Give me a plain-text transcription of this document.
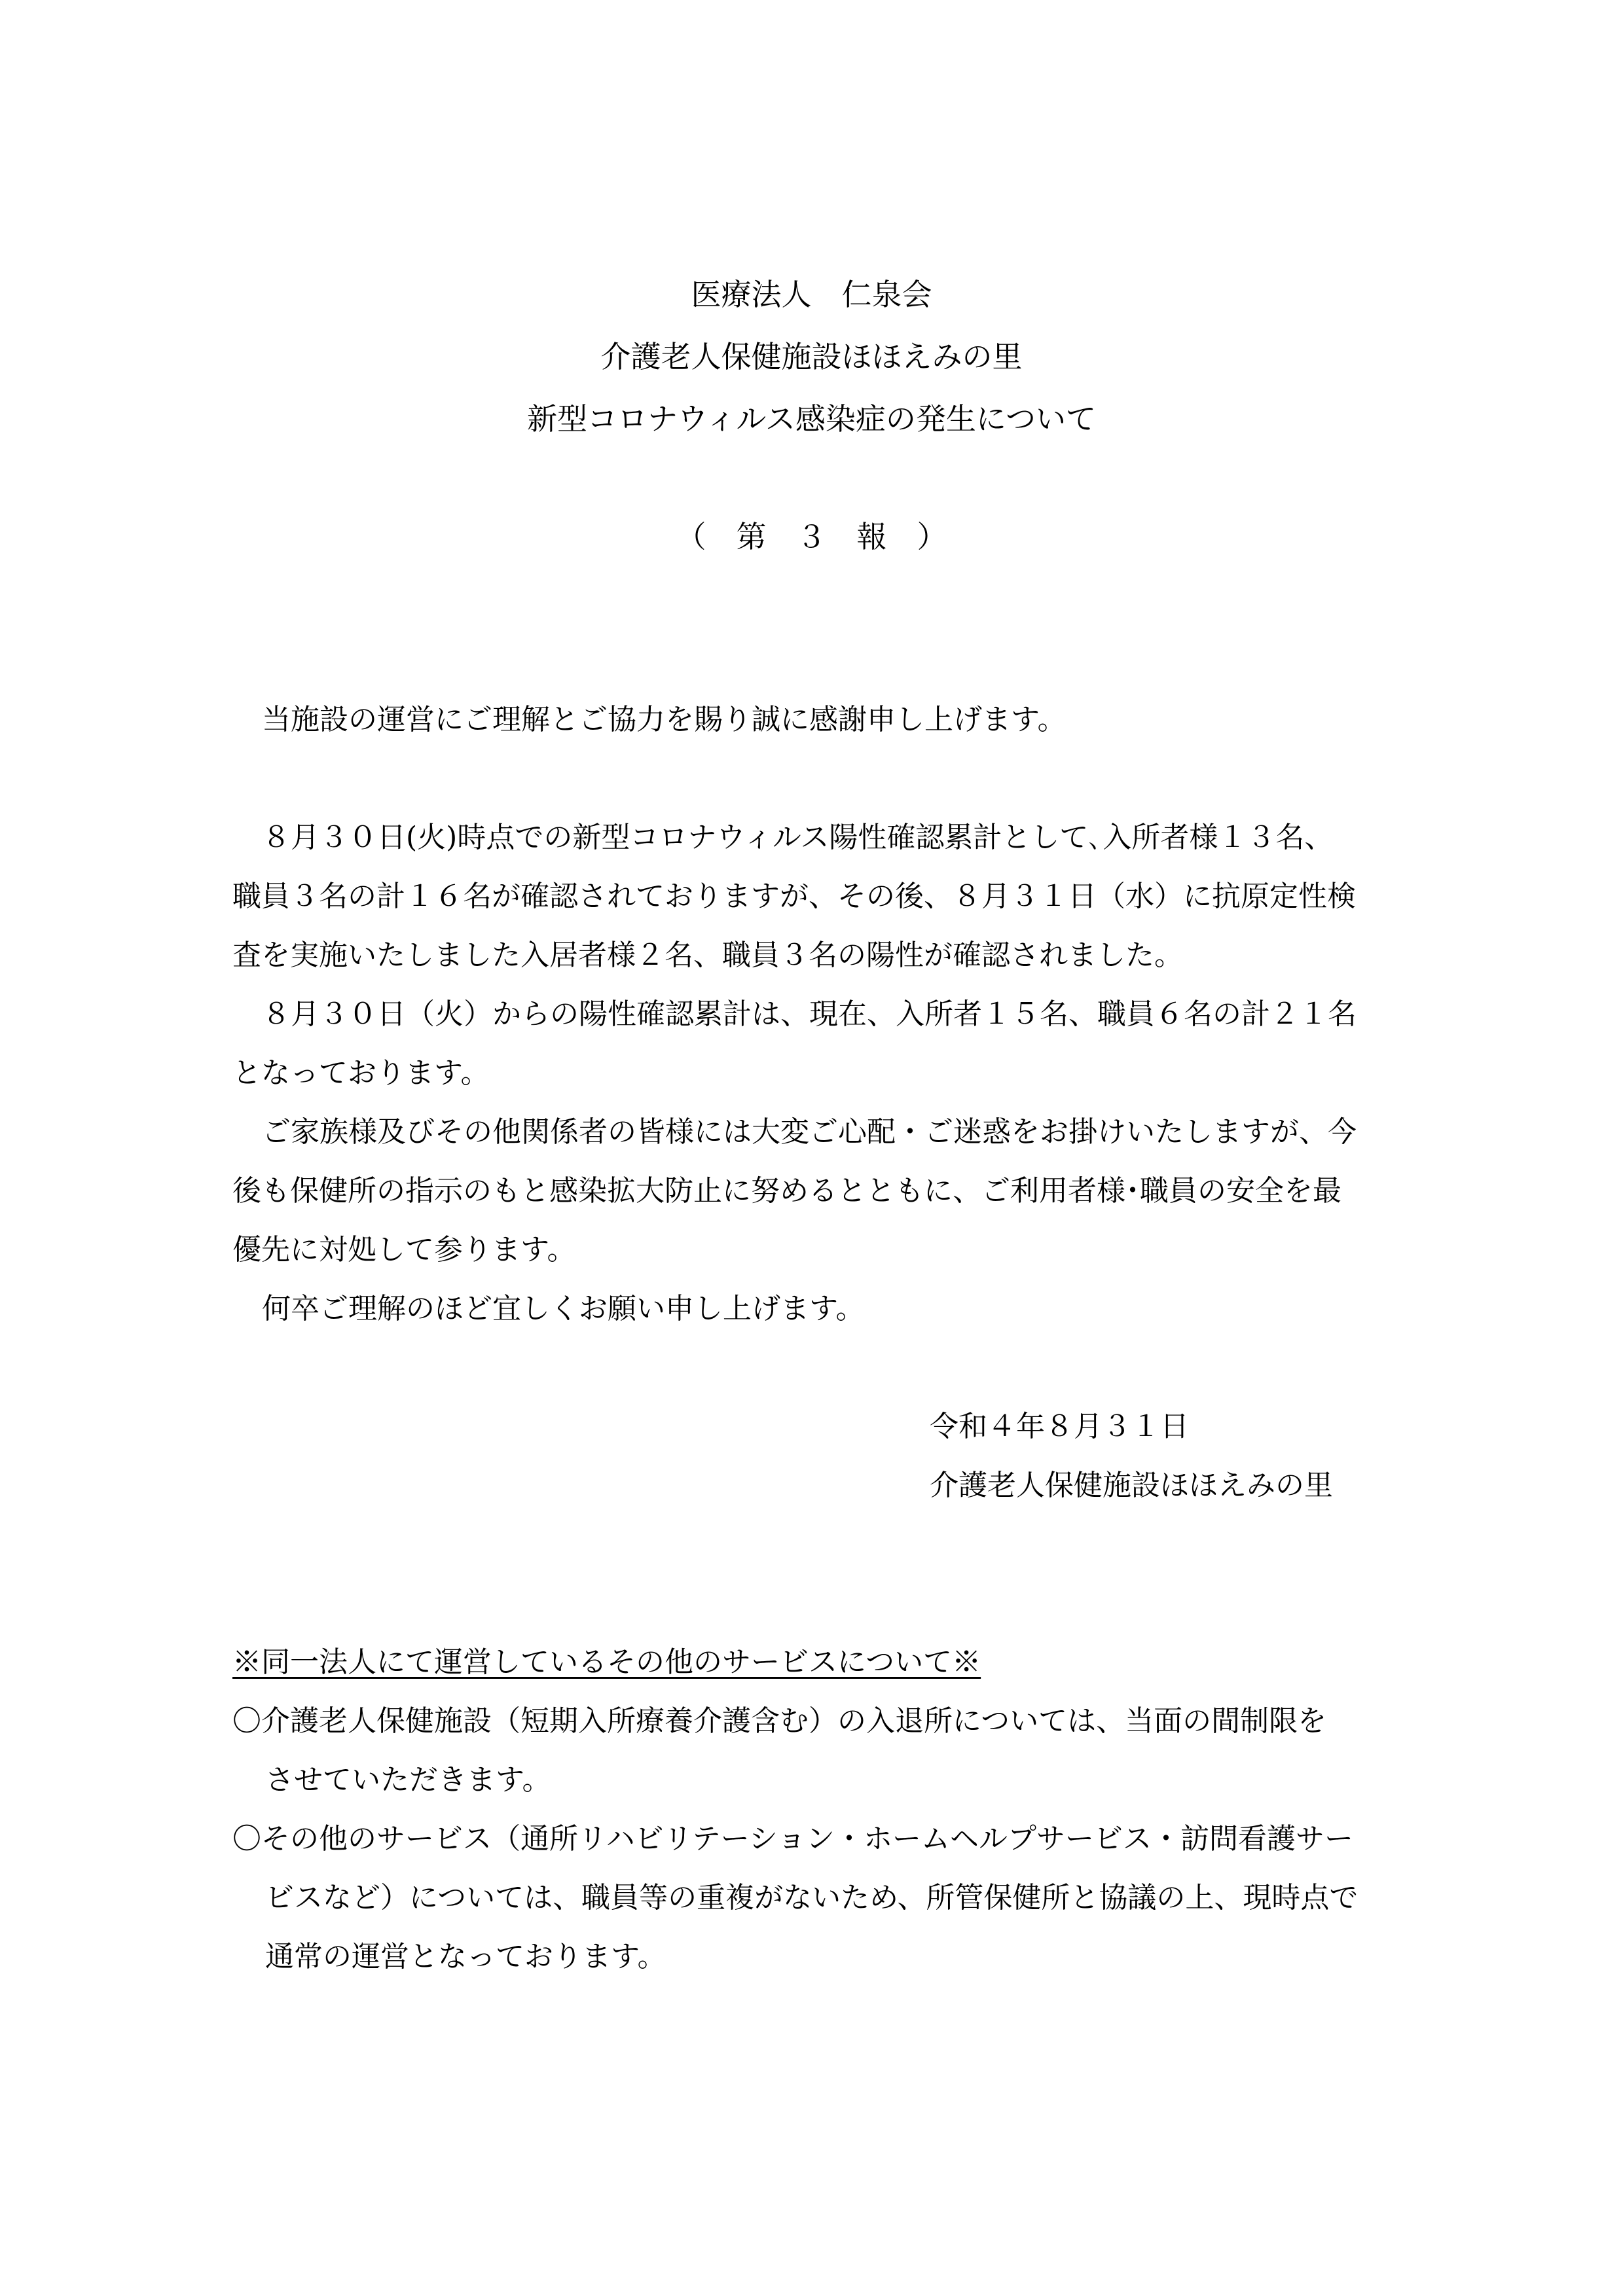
医療法人　仁泉会
介護老人保健施設ほほえみの里
新型コロナウィルス感染症の発生について
（　第　３　報　）
当施設の運営にご理解とご協力を賜り誠に感謝申し上げます。
８月３０日(火)時点での新型コロナウィルス陽性確認累計として､入所者様１３名、
職員３名の計１６名が確認されておりますが、その後、８月３１日（水）に抗原定性検
査を実施いたしました入居者様２名、職員３名の陽性が確認されました。
８月３０日（火）からの陽性確認累計は、現在、入所者１５名、職員６名の計２１名
となっております。
ご家族様及びその他関係者の皆様には大変ご心配・ご迷惑をお掛けいたしますが、今
後も保健所の指示のもと感染拡大防止に努めるとともに、ご利用者様･職員の安全を最
優先に対処して参ります。
何卒ご理解のほど宜しくお願い申し上げます。
令和４年８月３１日
介護老人保健施設ほほえみの里
※同一法人にて運営しているその他のサービスについて※
〇介護老人保健施設（短期入所療養介護含む）の入退所については、当面の間制限を
させていただきます。
〇その他のサービス（通所リハビリテーション・ホームヘルプサービス・訪問看護サー
ビスなど）については、職員等の重複がないため、所管保健所と協議の上、現時点で
通常の運営となっております。
